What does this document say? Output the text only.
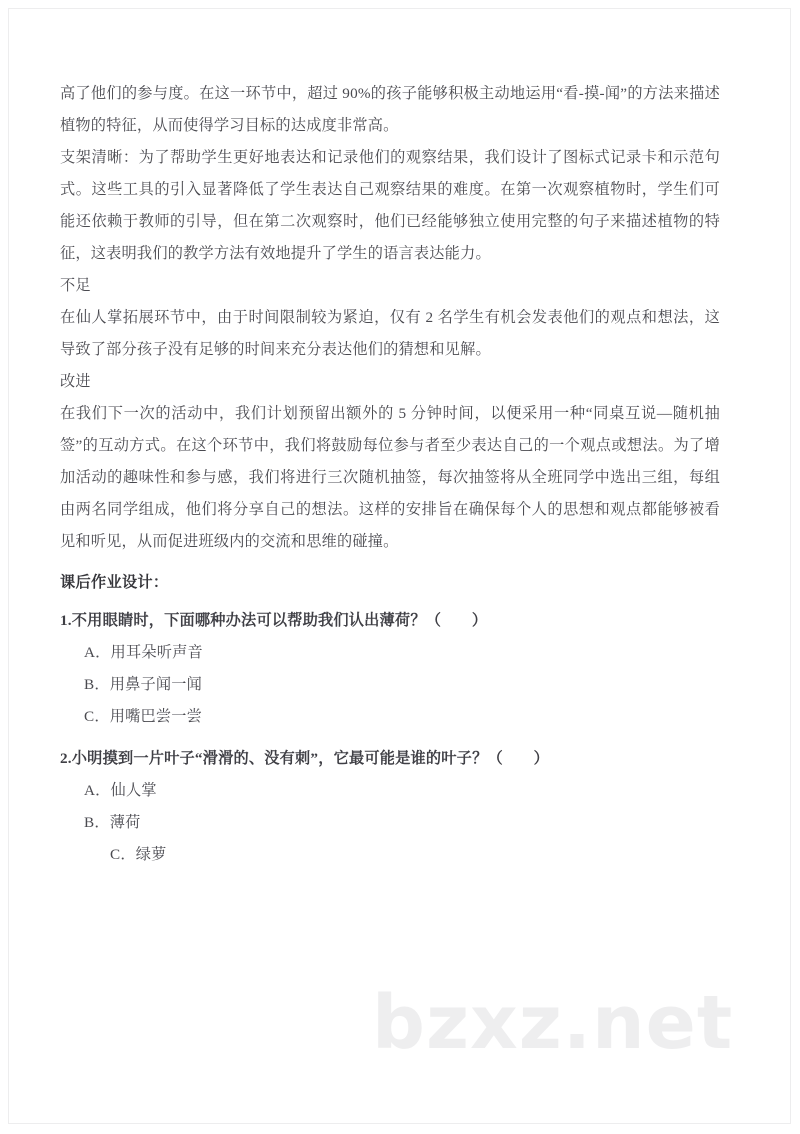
高了他们的参与度。在这一环节中，超过 90%的孩子能够积极主动地运用“看-摸-闻”的方法来描述植物的特征，从而使得学习目标的达成度非常高。

支架清晰：为了帮助学生更好地表达和记录他们的观察结果，我们设计了图标式记录卡和示范句式。这些工具的引入显著降低了学生表达自己观察结果的难度。在第一次观察植物时，学生们可能还依赖于教师的引导，但在第二次观察时，他们已经能够独立使用完整的句子来描述植物的特征，这表明我们的教学方法有效地提升了学生的语言表达能力。

不足

在仙人掌拓展环节中，由于时间限制较为紧迫，仅有 2 名学生有机会发表他们的观点和想法，这导致了部分孩子没有足够的时间来充分表达他们的猜想和见解。

改进

在我们下一次的活动中，我们计划预留出额外的 5 分钟时间，以便采用一种“同桌互说—随机抽签”的互动方式。在这个环节中，我们将鼓励每位参与者至少表达自己的一个观点或想法。为了增加活动的趣味性和参与感，我们将进行三次随机抽签，每次抽签将从全班同学中选出三组，每组由两名同学组成，他们将分享自己的想法。这样的安排旨在确保每个人的思想和观点都能够被看见和听见，从而促进班级内的交流和思维的碰撞。

课后作业设计：
1.不用眼睛时，下面哪种办法可以帮助我们认出薄荷？（　　）
A．用耳朵听声音
B．用鼻子闻一闻
C．用嘴巴尝一尝
2.小明摸到一片叶子“滑滑的、没有刺”，它最可能是谁的叶子？（　　）
A．仙人掌
B．薄荷
C．绿萝
bzxz.net
